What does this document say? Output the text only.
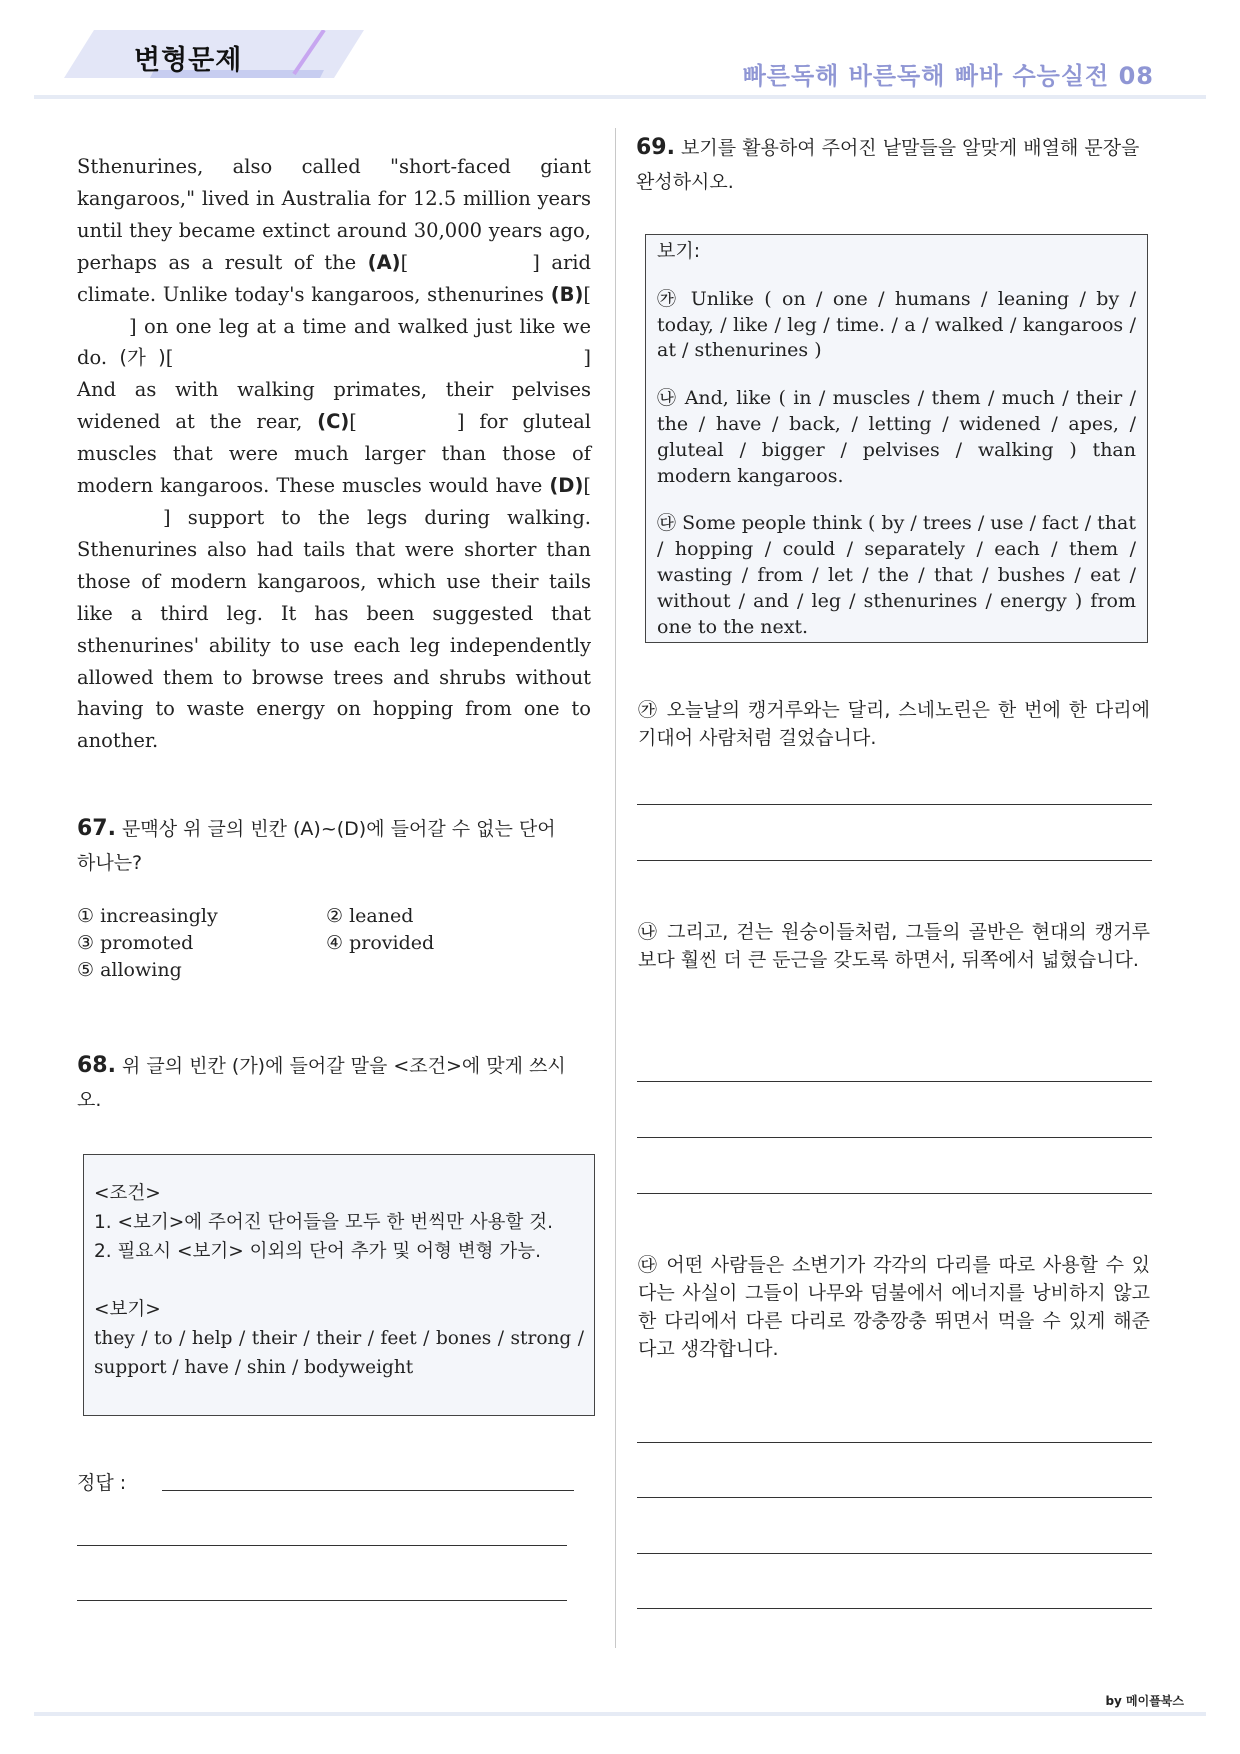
변형문제	빠른독해 바른독해 빠바 수능실전 08
Sthenurines, also called "short-faced giant kangaroos," lived in Australia for 12.5 million years until they became extinct around 30,000 years ago, perhaps as a result of the (A)[	] arid climate. Unlike today's kangaroos, sthenurines (B)[] on one leg at a time and walked just like we do. (가 )[	] And as with walking primates, their pelvises widened at the rear, (C)[	] for gluteal muscles that were much larger than those of modern kangaroos. These muscles would have (D)[] support to the legs during walking. Sthenurines also had tails that were shorter than those of modern kangaroos, which use their tails like a third leg. It has been suggested that sthenurines' ability to use each leg independently allowed them to browse trees and shrubs without having to waste energy on hopping from one to another.
67. 문맥상 위 글의 빈칸 (A)~(D)에 들어갈 수 없는 단어 하나는?
① increasingly	② leaned
③ promoted	④ provided
⑤ allowing
68. 위 글의 빈칸 (가)에 들어갈 말을 <조건>에 맞게 쓰시오.
<조건>
1. <보기>에 주어진 단어들을 모두 한 번씩만 사용할 것.
2. 필요시 <보기> 이외의 단어 추가 및 어형 변형 가능.
<보기>
they / to / help / their / their / feet / bones / strong / support / have / shin / bodyweight
정답 :
69. 보기를 활용하여 주어진 낱말들을 알맞게 배열해 문장을 완성하시오.
보기:
㉮ Unlike ( on / one / humans / leaning / by / today, / like / leg / time. / a / walked / kangaroos / at / sthenurines )
㉯ And, like ( in / muscles / them / much / their / the / have / back, / letting / widened / apes, / gluteal / bigger / pelvises / walking ) than modern kangaroos.
㉰ Some people think ( by / trees / use / fact / that / hopping / could / separately / each / them / wasting / from / let / the / that / bushes / eat / without / and / leg / sthenurines / energy ) from one to the next.
㉮ 오늘날의 캥거루와는 달리, 스네노린은 한 번에 한 다리에 기대어 사람처럼 걸었습니다.
㉯ 그리고, 걷는 원숭이들처럼, 그들의 골반은 현대의 캥거루보다 훨씬 더 큰 둔근을 갖도록 하면서, 뒤쪽에서 넓혔습니다.
㉰ 어떤 사람들은 소변기가 각각의 다리를 따로 사용할 수 있다는 사실이 그들이 나무와 덤불에서 에너지를 낭비하지 않고 한 다리에서 다른 다리로 깡충깡충 뛰면서 먹을 수 있게 해준다고 생각합니다.
by 메이플북스
